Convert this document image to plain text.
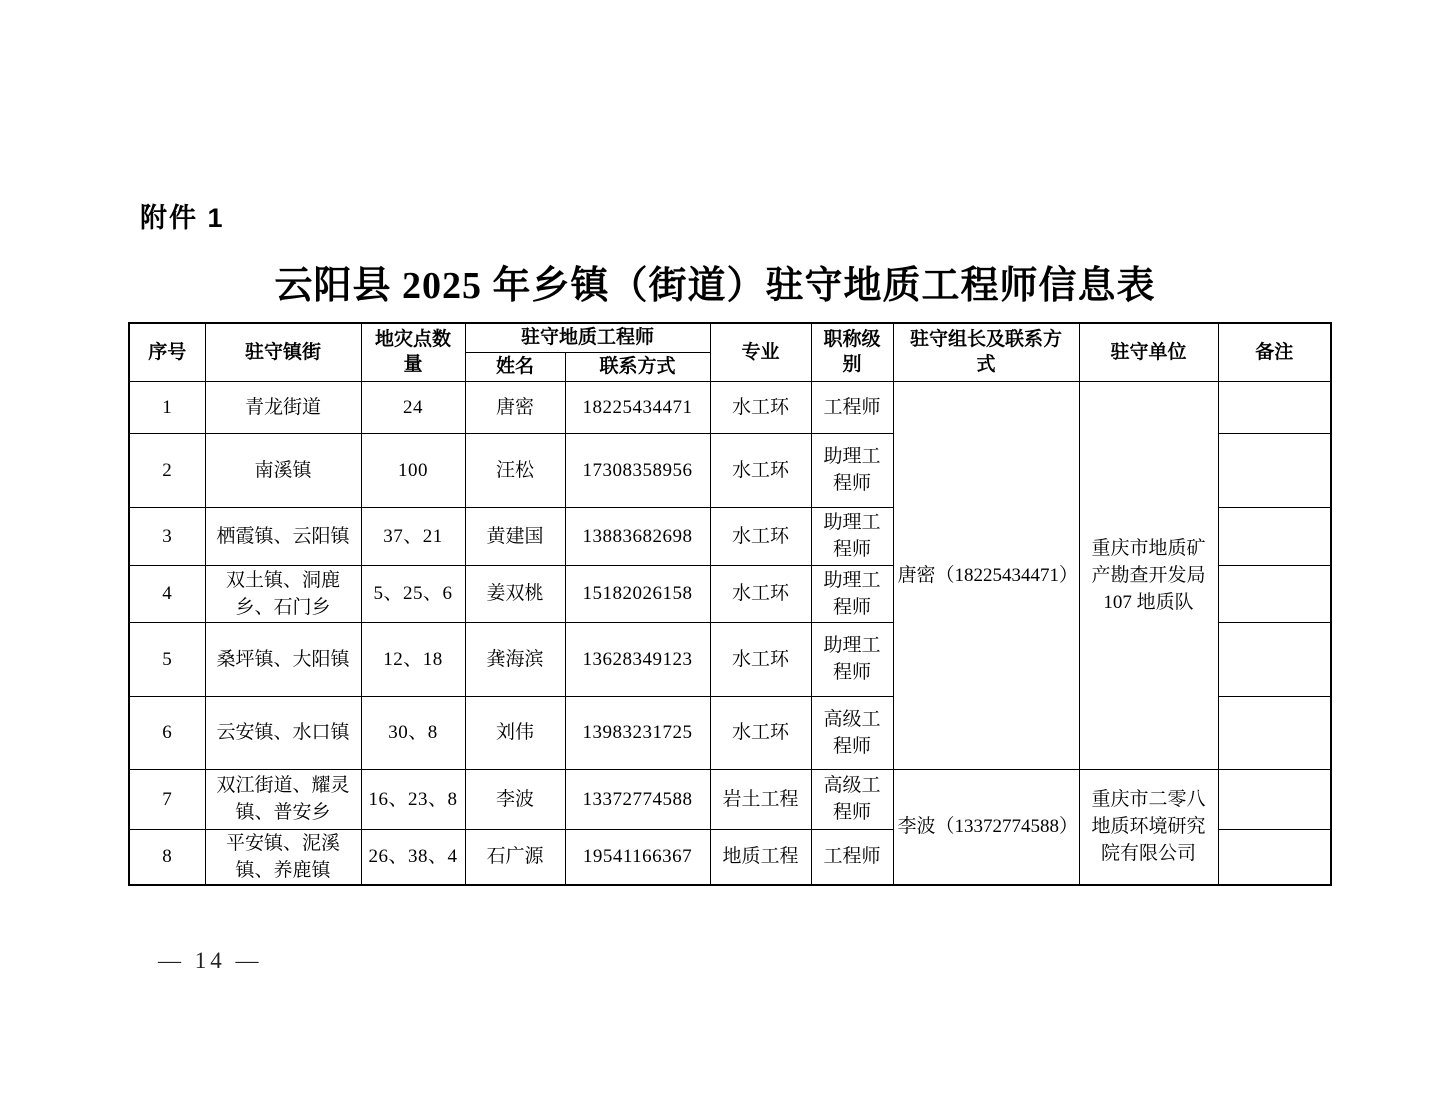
附件 1
云阳县 2025 年乡镇（街道）驻守地质工程师信息表
序号	驻守镇街	地灾点数量	驻守地质工程师		专业	职称级别	驻守组长及联系方式	驻守单位	备注
			姓名	联系方式					
1	青龙街道	24	唐密	18225434471	水工环	工程师	唐密（18225434471）	重庆市地质矿产勘查开发局 107 地质队	
2	南溪镇	100	汪松	17308358956	水工环	助理工程师			
3	栖霞镇、云阳镇	37、21	黄建国	13883682698	水工环	助理工程师			
4	双土镇、洞鹿乡、石门乡	5、25、6	姜双桃	15182026158	水工环	助理工程师			
5	桑坪镇、大阳镇	12、18	龚海滨	13628349123	水工环	助理工程师			
6	云安镇、水口镇	30、8	刘伟	13983231725	水工环	高级工程师			
7	双江街道、耀灵镇、普安乡	16、23、8	李波	13372774588	岩土工程	高级工程师	李波（13372774588）	重庆市二零八地质环境研究院有限公司	
8	平安镇、泥溪镇、养鹿镇	26、38、4	石广源	19541166367	地质工程	工程师			
— 14 —
